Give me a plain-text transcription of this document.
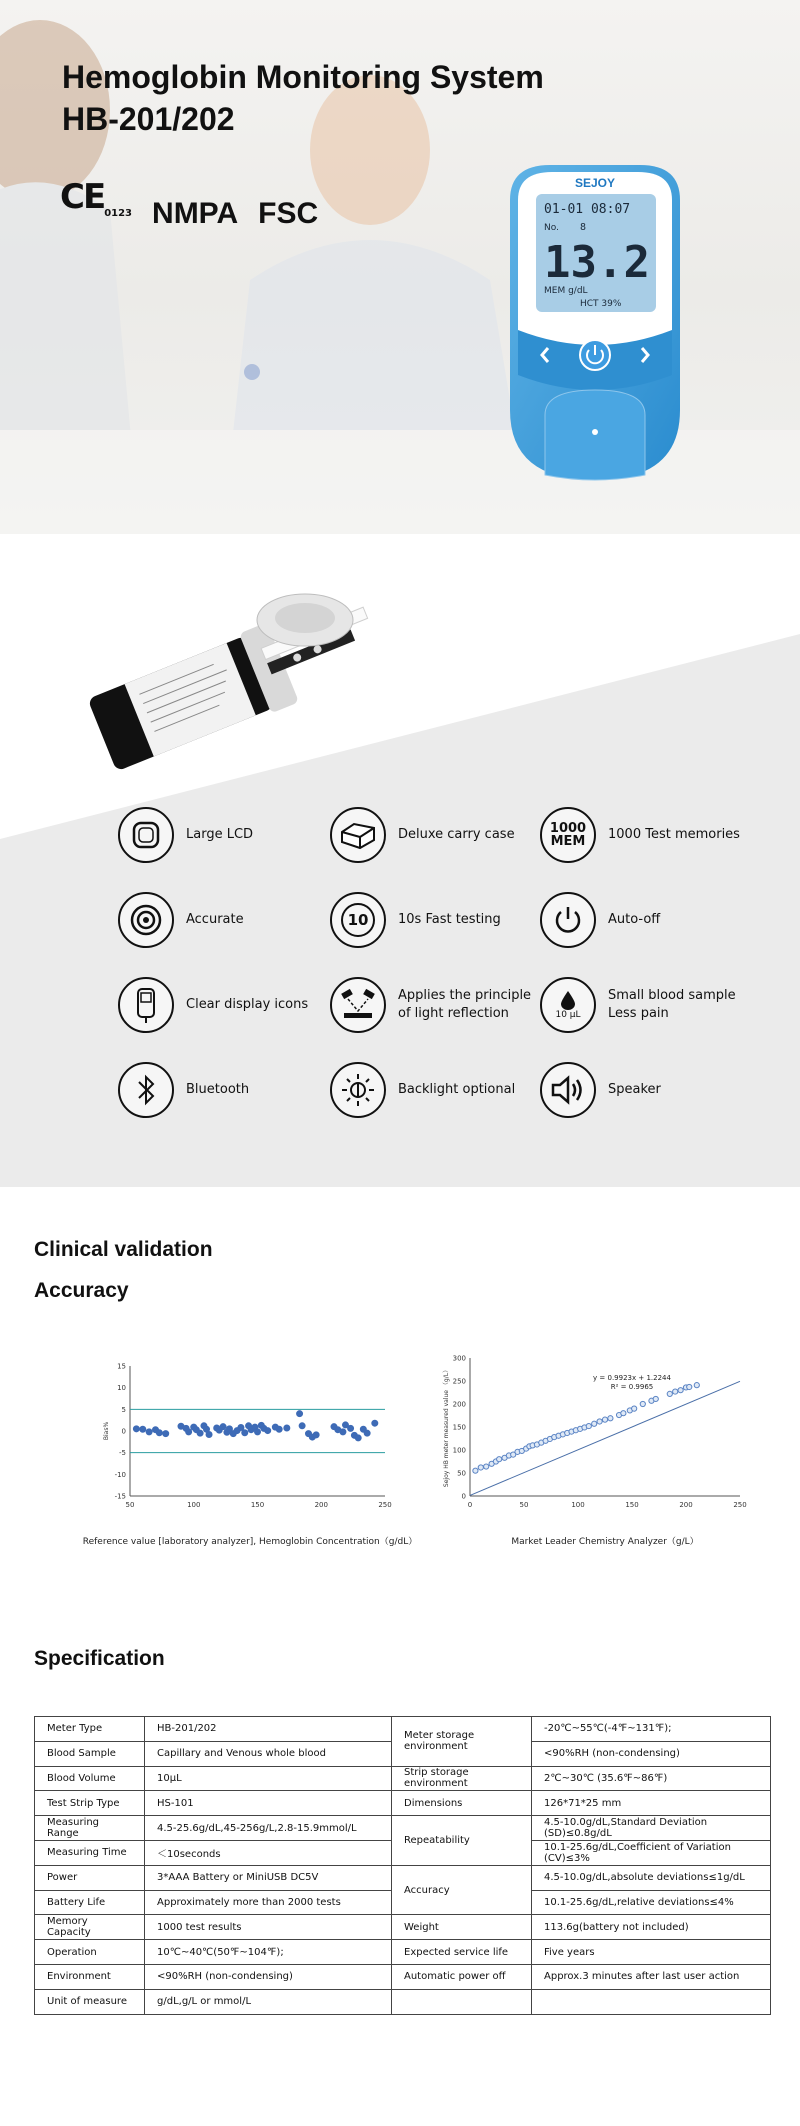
Hemoglobin Monitoring System
HB-201/202
$CE_{0123}$ NMPA FSC
SEJOY
01-01 08:07
No. 8
13.2
MEM g/dL
HCT 39%
Large LCD	Deluxe carry case	1000
MEM 1000 Test memories
Accurate	10	10s Fast testing	Auto-off
Clear display icons
Applies the principle
of light reflection	10 µL
Small blood sample
Less pain
Bluetooth	Backlight optional	Speaker
Clinical validation
Accuracy
50	100	150	200	250
15
10
5
0
-5
-10
-15
Bias%
Reference value [laboratory analyzer], Hemoglobin Concentration（g/dL）
0	50	100	150	200	250
0
50
100
150
200
250
300
Sejoy HB meter measured value （g/L）	y = 0.9923x + 1.2244
R² = 0.9965
Market Leader Chemistry Analyzer（g/L）
Specification
Meter Type	HB-201/202	Meter storage environment	-20℃~55℃(-4℉~131℉);
Blood Sample	Capillary and Venous whole blood		<90%RH (non-condensing)
Blood Volume	10μL	Strip storage environment	2℃~30℃ (35.6℉~86℉)
Test Strip Type	HS-101	Dimensions	126*71*25 mm
Measuring Range	4.5-25.6g/dL,45-256g/L,2.8-15.9mmol/L	Repeatability	4.5-10.0g/dL,Standard Deviation (SD)≤0.8g/dL
Measuring Time	＜10seconds		10.1-25.6g/dL,Coefficient of Variation (CV)≤3%
Power	3*AAA Battery or MiniUSB DC5V	Accuracy	4.5-10.0g/dL,absolute deviations≤1g/dL
Battery Life	Approximately more than 2000 tests		10.1-25.6g/dL,relative deviations≤4%
Memory Capacity	1000 test results	Weight	113.6g(battery not included)
Operation	10℃~40℃(50℉~104℉);	Expected service life	Five years
Environment	<90%RH (non-condensing)	Automatic power off	Approx.3 minutes after last user action
Unit of measure	g/dL,g/L or mmol/L		
